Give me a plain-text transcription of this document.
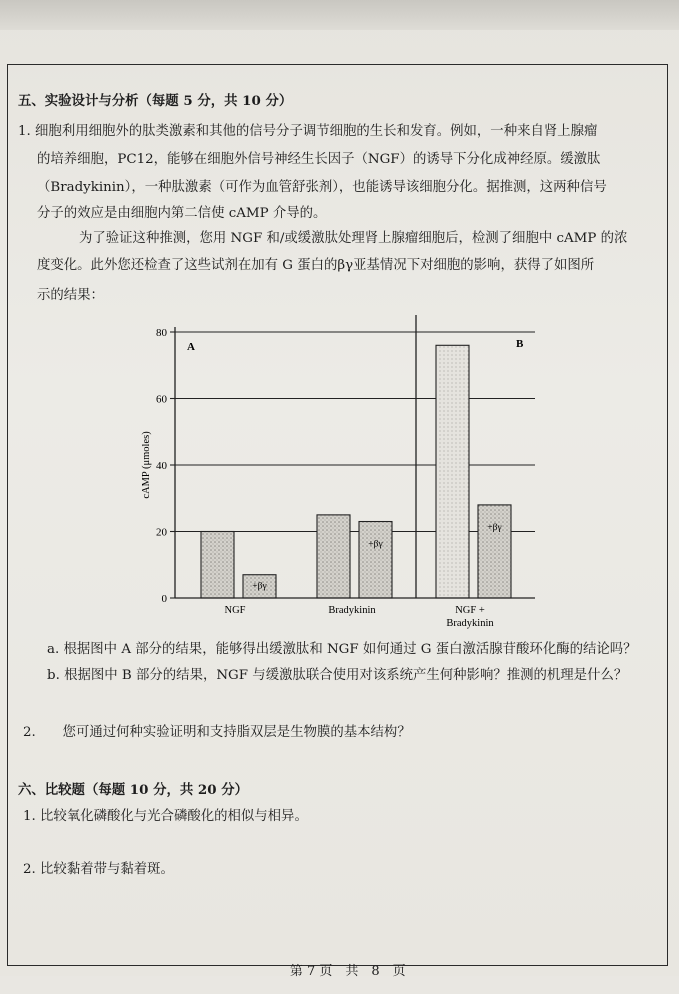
五、实验设计与分析（每题 5 分，共 10 分）
1. 细胞利用细胞外的肽类激素和其他的信号分子调节细胞的生长和发育。例如，一种来自肾上腺瘤
的培养细胞，PC12，能够在细胞外信号神经生长因子（NGF）的诱导下分化成神经原。缓激肽
（Bradykinin），一种肽激素（可作为血管舒张剂），也能诱导该细胞分化。据推测，这两种信号
分子的效应是由细胞内第二信使 cAMP 介导的。
为了验证这种推测，您用 NGF 和/或缓激肽处理肾上腺瘤细胞后，检测了细胞中 cAMP 的浓
度变化。此外您还检查了这些试剂在加有 G 蛋白的βγ亚基情况下对细胞的影响，获得了如图所
示的结果：
0
20
40
60
80
cAMP (μmoles)
A	B
+βγ
+βγ
+βγ
NGF	Bradykinin	NGF +
Bradykinin
a. 根据图中 A 部分的结果，能够得出缓激肽和 NGF 如何通过 G 蛋白激活腺苷酸环化酶的结论吗？
b. 根据图中 B 部分的结果，NGF 与缓激肽联合使用对该系统产生何种影响？推测的机理是什么？
2.　　您可通过何种实验证明和支持脂双层是生物膜的基本结构？
六、比较题（每题 10 分，共 20 分）
1. 比较氧化磷酸化与光合磷酸化的相似与相异。
2. 比较黏着带与黏着斑。

第 7 页　 共　8　页
